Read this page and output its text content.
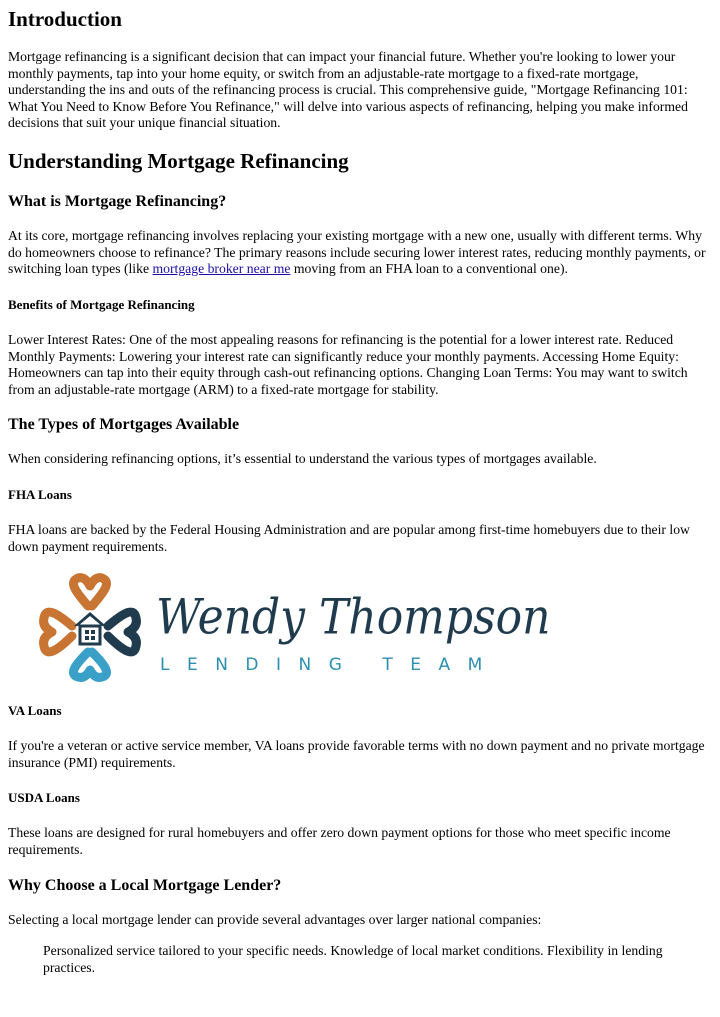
Introduction

Mortgage refinancing is a significant decision that can impact your financial future. Whether you're looking to lower your monthly payments, tap into your home equity, or switch from an adjustable-rate mortgage to a fixed-rate mortgage, understanding the ins and outs of the refinancing process is crucial. This comprehensive guide, "Mortgage Refinancing 101: What You Need to Know Before You Refinance," will delve into various aspects of refinancing, helping you make informed decisions that suit your unique financial situation.

Understanding Mortgage Refinancing
What is Mortgage Refinancing?

At its core, mortgage refinancing involves replacing your existing mortgage with a new one, usually with different terms. Why do homeowners choose to refinance? The primary reasons include securing lower interest rates, reducing monthly payments, or switching loan types (like mortgage broker near me moving from an FHA loan to a conventional one).

Benefits of Mortgage Refinancing

Lower Interest Rates: One of the most appealing reasons for refinancing is the potential for a lower interest rate. Reduced Monthly Payments: Lowering your interest rate can significantly reduce your monthly payments. Accessing Home Equity: Homeowners can tap into their equity through cash-out refinancing options. Changing Loan Terms: You may want to switch from an adjustable-rate mortgage (ARM) to a fixed-rate mortgage for stability.

The Types of Mortgages Available

When considering refinancing options, it’s essential to understand the various types of mortgages available.

FHA Loans

FHA loans are backed by the Federal Housing Administration and are popular among first-time homebuyers due to their low down payment requirements.

Wendy Thompson
LENDING TEAM
VA Loans

If you're a veteran or active service member, VA loans provide favorable terms with no down payment and no private mortgage insurance (PMI) requirements.

USDA Loans

These loans are designed for rural homebuyers and offer zero down payment options for those who meet specific income requirements.

Why Choose a Local Mortgage Lender?

Selecting a local mortgage lender can provide several advantages over larger national companies:

Personalized service tailored to your specific needs. Knowledge of local market conditions. Flexibility in lending practices.
